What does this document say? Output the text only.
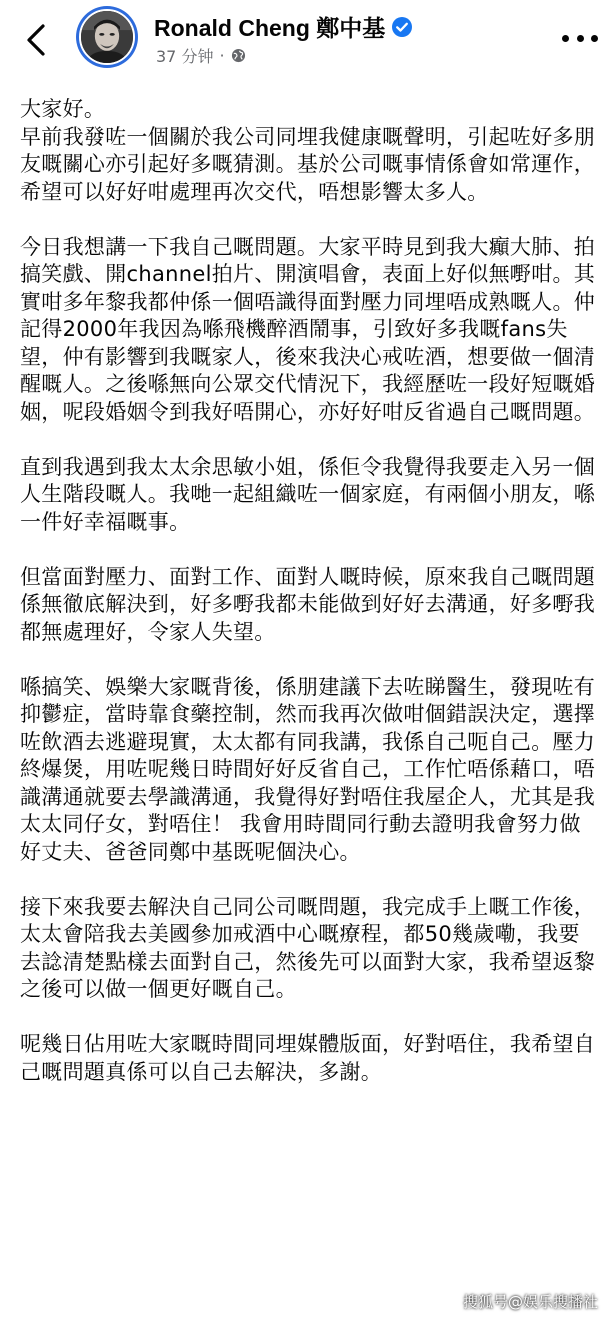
Ronald Cheng 鄭中基
37 分钟 ·

大家好。
早前我發咗一個關於我公司同埋我健康嘅聲明，引起咗好多朋友嘅關心亦引起好多嘅猜測。基於公司嘅事情係會如常運作，希望可以好好咁處理再次交代，唔想影響太多人。

今日我想講一下我自己嘅問題。大家平時見到我大癲大肺、拍搞笑戲、開channel拍片、開演唱會，表面上好似無嘢咁。其實咁多年黎我都仲係一個唔識得面對壓力同埋唔成熟嘅人。仲記得2000年我因為喺飛機醉酒鬧事，引致好多我嘅fans失望，仲有影響到我嘅家人，後來我決心戒咗酒，想要做一個清醒嘅人。之後喺無向公眾交代情況下，我經歷咗一段好短嘅婚姻，呢段婚姻令到我好唔開心，亦好好咁反省過自己嘅問題。

直到我遇到我太太余思敏小姐，係佢令我覺得我要走入另一個人生階段嘅人。我哋一起組織咗一個家庭，有兩個小朋友，喺一件好幸福嘅事。

但當面對壓力、面對工作、面對人嘅時候，原來我自己嘅問題係無徹底解決到，好多嘢我都未能做到好好去溝通，好多嘢我都無處理好，令家人失望。

喺搞笑、娛樂大家嘅背後，係朋建議下去咗睇醫生，發現咗有抑鬱症，當時靠食藥控制，然而我再次做咁個錯誤決定，選擇咗飲酒去逃避現實，太太都有同我講，我係自己呃自己。壓力終爆煲，用咗呢幾日時間好好反省自己，工作忙唔係藉口，唔識溝通就要去學識溝通，我覺得好對唔住我屋企人，尤其是我太太同仔女，對唔住！ 我會用時間同行動去證明我會努力做好丈夫、爸爸同鄭中基既呢個決心。

接下來我要去解決自己同公司嘅問題，我完成手上嘅工作後，太太會陪我去美國參加戒酒中心嘅療程，都50幾歲嘞，我要去諗清楚點樣去面對自己，然後先可以面對大家，我希望返黎之後可以做一個更好嘅自己。

呢幾日佔用咗大家嘅時間同埋媒體版面，好對唔住，我希望自己嘅問題真係可以自己去解決，多謝。

搜狐号@娱乐搜播社
